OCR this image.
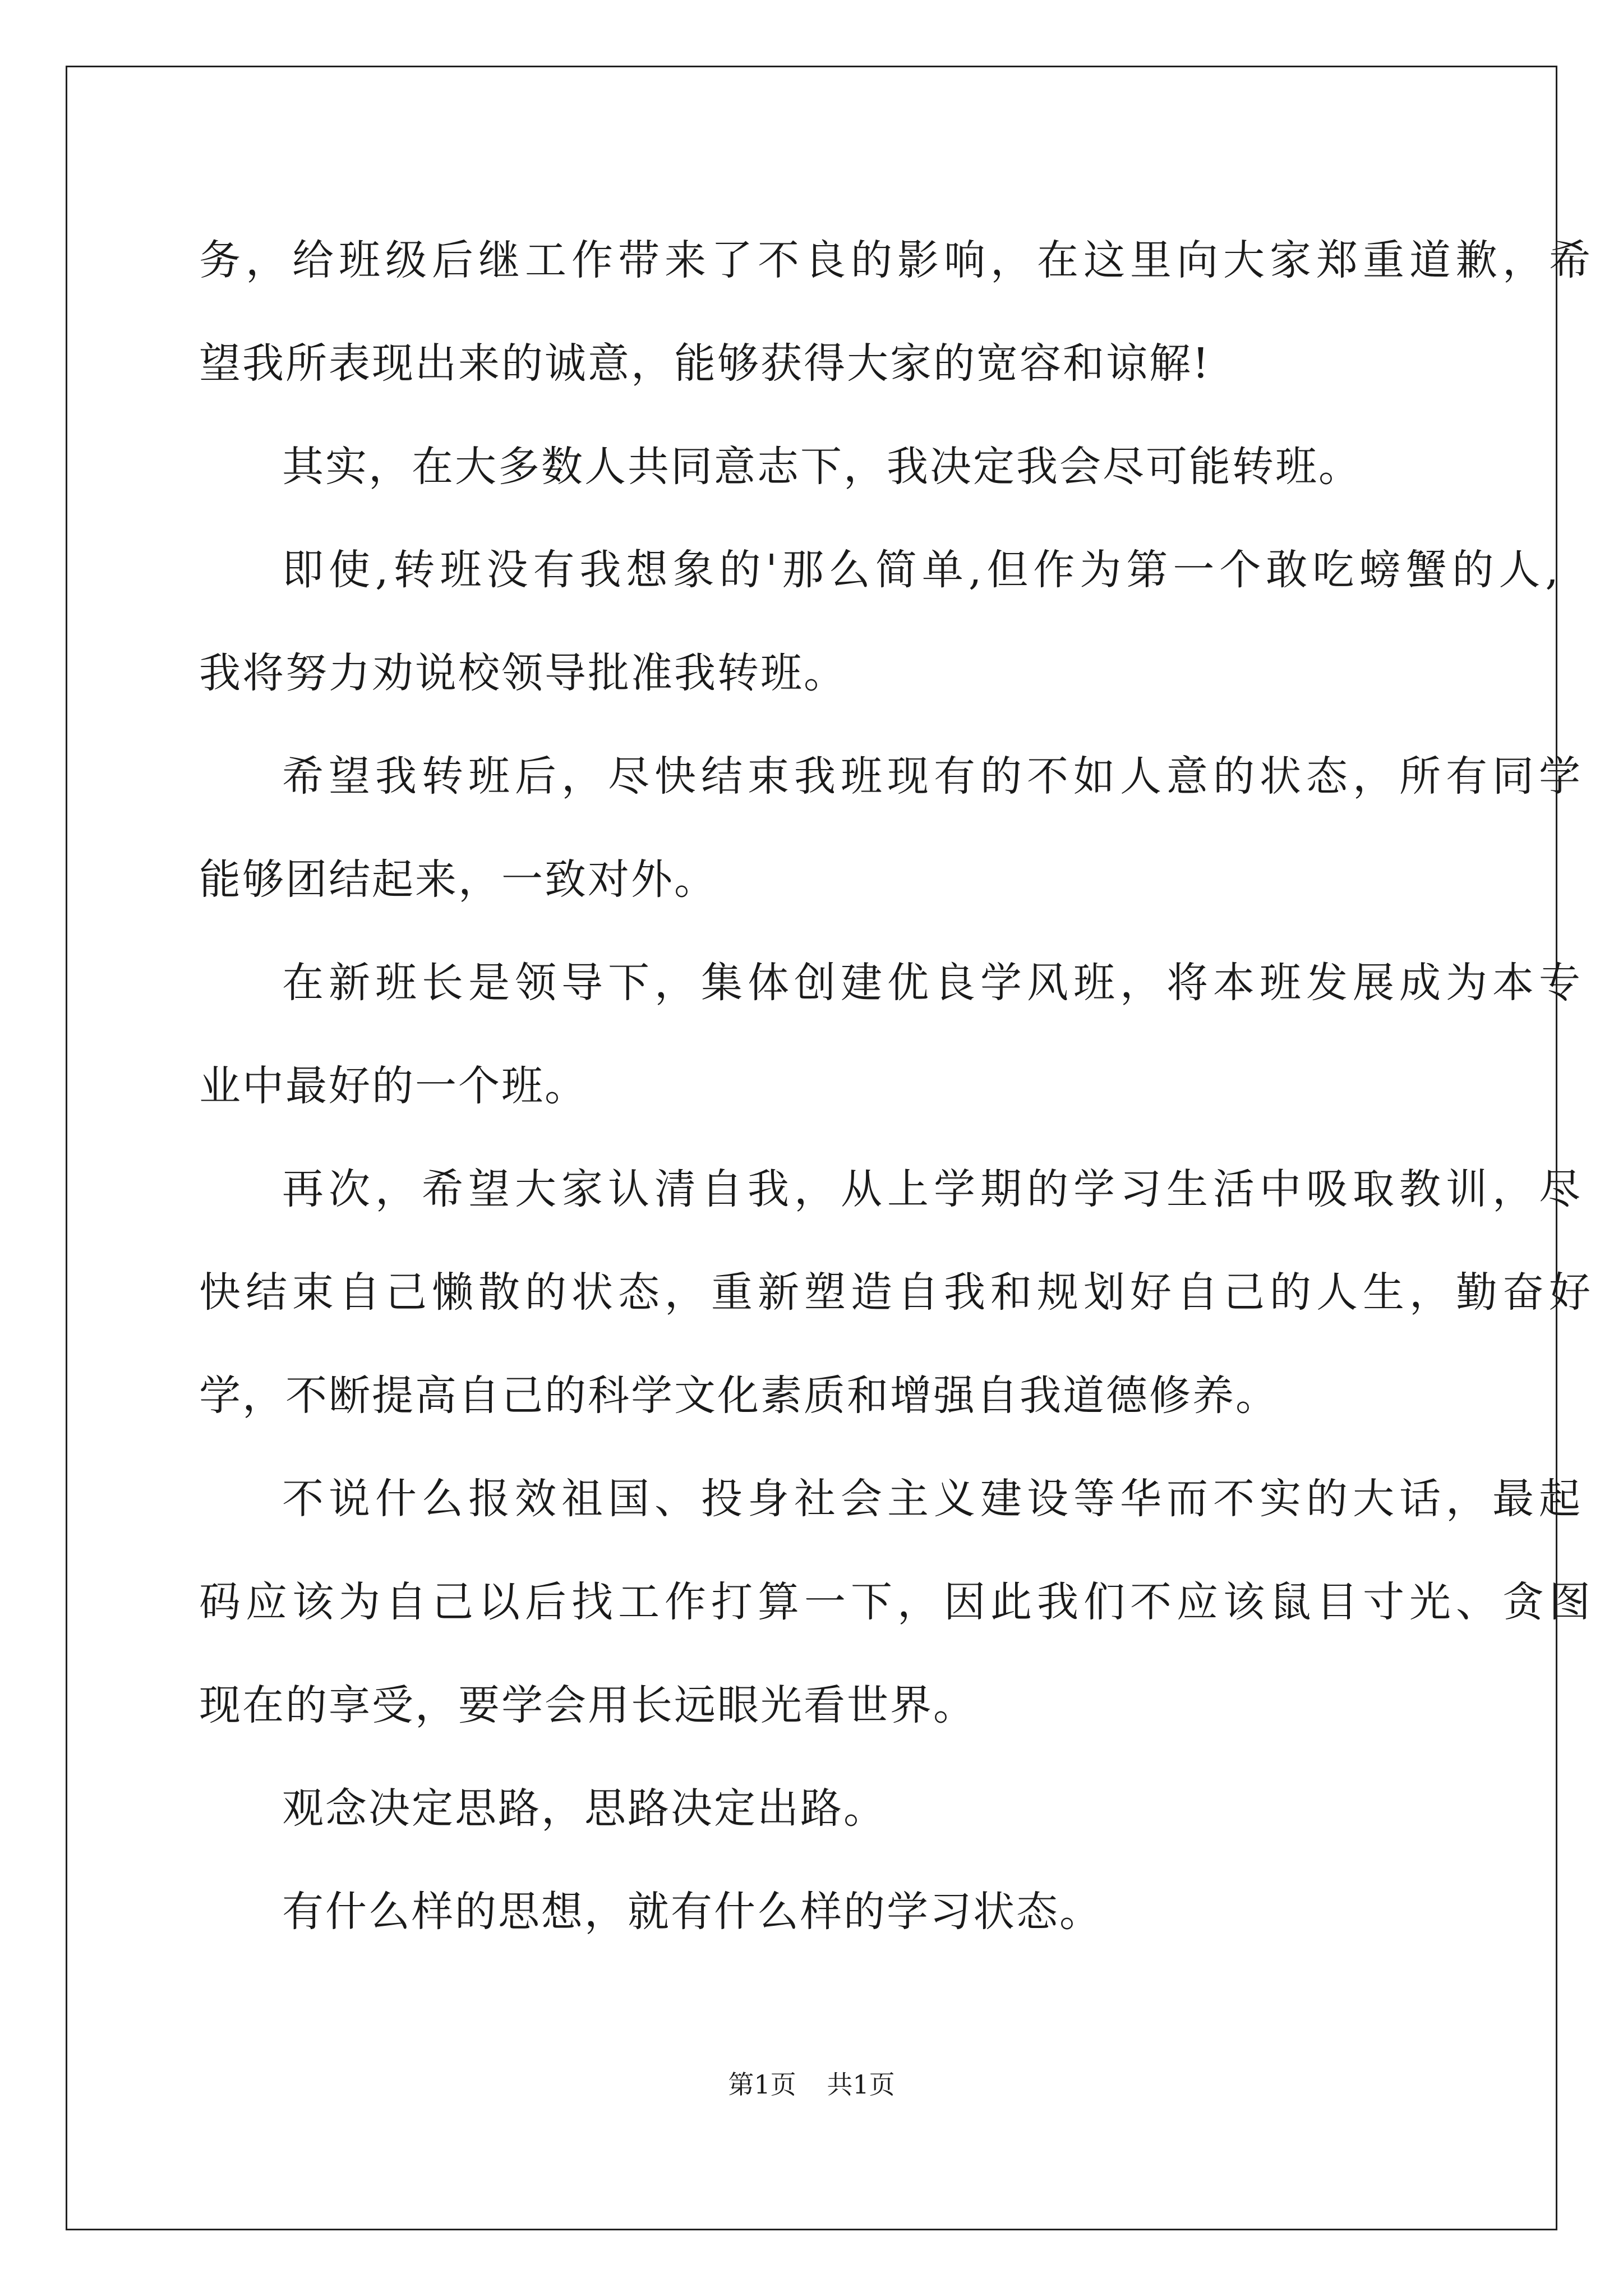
务，给班级后继工作带来了不良的影响，在这里向大家郑重道歉，希
望我所表现出来的诚意，能够获得大家的宽容和谅解!
其实，在大多数人共同意志下，我决定我会尽可能转班。
即使,转班没有我想象的'那么简单,但作为第一个敢吃螃蟹的人,
我将努力劝说校领导批准我转班。
希望我转班后，尽快结束我班现有的不如人意的状态，所有同学
能够团结起来，一致对外。
在新班长是领导下，集体创建优良学风班，将本班发展成为本专
业中最好的一个班。
再次，希望大家认清自我，从上学期的学习生活中吸取教训，尽
快结束自己懒散的状态，重新塑造自我和规划好自己的人生，勤奋好
学，不断提高自己的科学文化素质和增强自我道德修养。
不说什么报效祖国、投身社会主义建设等华而不实的大话，最起
码应该为自己以后找工作打算一下，因此我们不应该鼠目寸光、贪图
现在的享受，要学会用长远眼光看世界。
观念决定思路，思路决定出路。
有什么样的思想，就有什么样的学习状态。
第1页 共1页
